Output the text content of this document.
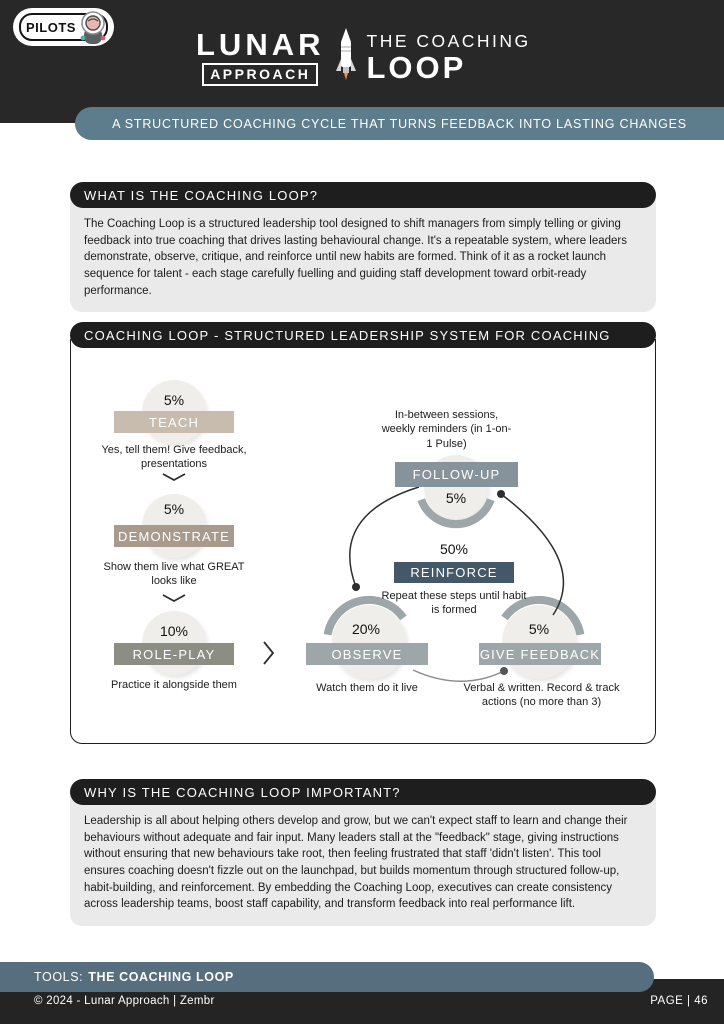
PILOTS
LUNAR
APPROACH
THE COACHING
LOOP
A STRUCTURED COACHING CYCLE THAT TURNS FEEDBACK INTO LASTING CHANGES
WHAT IS THE COACHING LOOP?
The Coaching Loop is a structured leadership tool designed to shift managers from simply telling or giving feedback into true coaching that drives lasting behavioural change. It's a repeatable system, where leaders demonstrate, observe, critique, and reinforce until new habits are formed. Think of it as a rocket launch sequence for talent - each stage carefully fuelling and guiding staff development toward orbit-ready performance.
COACHING LOOP - STRUCTURED LEADERSHIP SYSTEM FOR COACHING
5%
TEACH
Yes, tell them! Give feedback, presentations
5%
DEMONSTRATE
Show them live what GREAT looks like
10%
ROLE-PLAY
Practice it alongside them
In-between sessions, weekly reminders (in 1-on-1 Pulse)
FOLLOW-UP
5%
50%
REINFORCE
Repeat these steps until habit is formed
20%
OBSERVE
Watch them do it live
5%
GIVE FEEDBACK
Verbal & written. Record & track actions (no more than 3)
WHY IS THE COACHING LOOP IMPORTANT?
Leadership is all about helping others develop and grow, but we can't expect staff to learn and change their behaviours without adequate and fair input. Many leaders stall at the "feedback" stage, giving instructions without ensuring that new behaviours take root, then feeling frustrated that staff 'didn't listen'. This tool ensures coaching doesn't fizzle out on the launchpad, but builds momentum through structured follow-up, habit-building, and reinforcement. By embedding the Coaching Loop, executives can create consistency across leadership teams, boost staff capability, and transform feedback into real performance lift.
© 2024 - Lunar Approach | Zembr	PAGE | 46
TOOLS: THE COACHING LOOP
